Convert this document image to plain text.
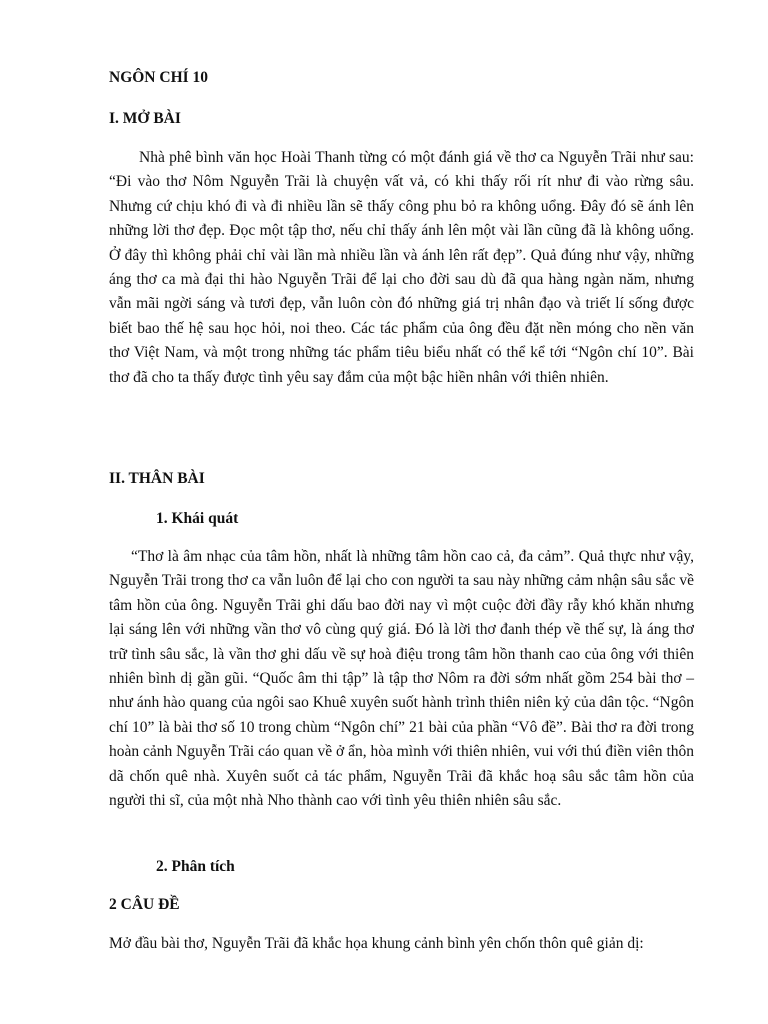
NGÔN CHÍ 10
I. MỞ BÀI

Nhà phê bình văn học Hoài Thanh từng có một đánh giá về thơ ca Nguyễn Trãi như sau: “Đi vào thơ Nôm Nguyễn Trãi là chuyện vất vả, có khi thấy rối rít như đi vào rừng sâu. Nhưng cứ chịu khó đi và đi nhiều lần sẽ thấy công phu bỏ ra không uổng. Đây đó sẽ ánh lên những lời thơ đẹp. Đọc một tập thơ, nếu chỉ thấy ánh lên một vài lần cũng đã là không uổng. Ở đây thì không phải chỉ vài lần mà nhiều lần và ánh lên rất đẹp”. Quả đúng như vậy, những áng thơ ca mà đại thi hào Nguyễn Trãi để lại cho đời sau dù đã qua hàng ngàn năm, nhưng vẫn mãi ngời sáng và tươi đẹp, vẫn luôn còn đó những giá trị nhân đạo và triết lí sống được biết bao thế hệ sau học hỏi, noi theo. Các tác phẩm của ông đều đặt nền móng cho nền văn thơ Việt Nam, và một trong những tác phẩm tiêu biểu nhất có thể kể tới “Ngôn chí 10”. Bài thơ đã cho ta thấy được tình yêu say đắm của một bậc hiền nhân với thiên nhiên.

II. THÂN BÀI
1. Khái quát

“Thơ là âm nhạc của tâm hồn, nhất là những tâm hồn cao cả, đa cảm”. Quả thực như vậy, Nguyễn Trãi trong thơ ca vẫn luôn để lại cho con người ta sau này những cảm nhận sâu sắc về tâm hồn của ông. Nguyễn Trãi ghi dấu bao đời nay vì một cuộc đời đầy rẫy khó khăn nhưng lại sáng lên với những vần thơ vô cùng quý giá. Đó là lời thơ đanh thép về thế sự, là áng thơ trữ tình sâu sắc, là vần thơ ghi dấu về sự hoà điệu trong tâm hồn thanh cao của ông với thiên nhiên bình dị gần gũi. “Quốc âm thi tập” là tập thơ Nôm ra đời sớm nhất gồm 254 bài thơ – như ánh hào quang của ngôi sao Khuê xuyên suốt hành trình thiên niên kỷ của dân tộc. “Ngôn chí 10” là bài thơ số 10 trong chùm “Ngôn chí” 21 bài của phần “Vô đề”. Bài thơ ra đời trong hoàn cảnh Nguyễn Trãi cáo quan về ở ẩn, hòa mình với thiên nhiên, vui với thú điền viên thôn dã chốn quê nhà. Xuyên suốt cả tác phẩm, Nguyễn Trãi đã khắc hoạ sâu sắc tâm hồn của người thi sĩ, của một nhà Nho thành cao với tình yêu thiên nhiên sâu sắc.

2. Phân tích
2 CÂU ĐỀ

Mở đầu bài thơ, Nguyễn Trãi đã khắc họa khung cảnh bình yên chốn thôn quê giản dị:
